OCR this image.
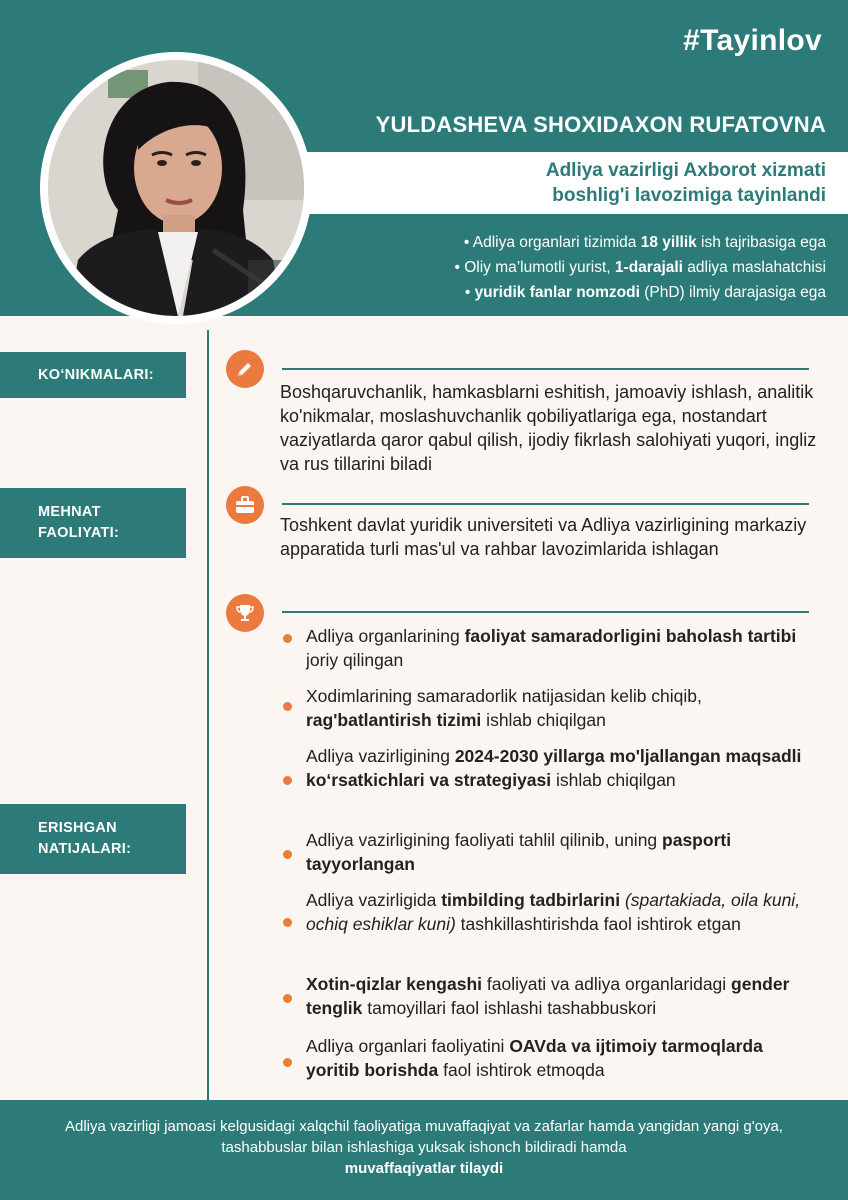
#Tayinlov
YULDASHEVA SHOXIDAXON RUFATOVNA
Adliya vazirligi Axborot xizmati
boshlig'i lavozimiga tayinlandi
• Adliya organlari tizimida 18 yillik ish tajribasiga ega
• Oliy ma’lumotli yurist, 1-darajali adliya maslahatchisi
• yuridik fanlar nomzodi (PhD) ilmiy darajasiga ega
KO‘NIKMALARI:
Boshqaruvchanlik, hamkasblarni eshitish, jamoaviy ishlash, analitik ko'nikmalar, moslashuvchanlik qobiliyatlariga ega, nostandart vaziyatlarda qaror qabul qilish, ijodiy fikrlash salohiyati yuqori, ingliz va rus tillarini biladi
MEHNAT
FAOLIYATI:	Toshkent davlat yuridik universiteti va Adliya vazirligining markaziy apparatida turli mas'ul va rahbar lavozimlarida ishlagan
ERISHGAN
NATIJALARI:
Adliya organlarining faoliyat samaradorligini baholash tartibi joriy qilingan
Xodimlarining samaradorlik natijasidan kelib chiqib, rag'batlantirish tizimi ishlab chiqilgan
Adliya vazirligining 2024-2030 yillarga mo'ljallangan maqsadli ko‘rsatkichlari va strategiyasi ishlab chiqilgan
Adliya vazirligining faoliyati tahlil qilinib, uning pasporti tayyorlangan
Adliya vazirligida timbilding tadbirlarini (spartakiada, oila kuni, ochiq eshiklar kuni) tashkillashtirishda faol ishtirok etgan
Xotin-qizlar kengashi faoliyati va adliya organlaridagi gender tenglik tamoyillari faol ishlashi tashabbuskori
Adliya organlari faoliyatini OAVda va ijtimoiy tarmoqlarda yoritib borishda faol ishtirok etmoqda
Adliya vazirligi jamoasi kelgusidagi xalqchil faoliyatiga muvaffaqiyat va zafarlar hamda yangidan yangi g'oya, tashabbuslar bilan ishlashiga yuksak ishonch bildiradi hamda
muvaffaqiyatlar tilaydi
